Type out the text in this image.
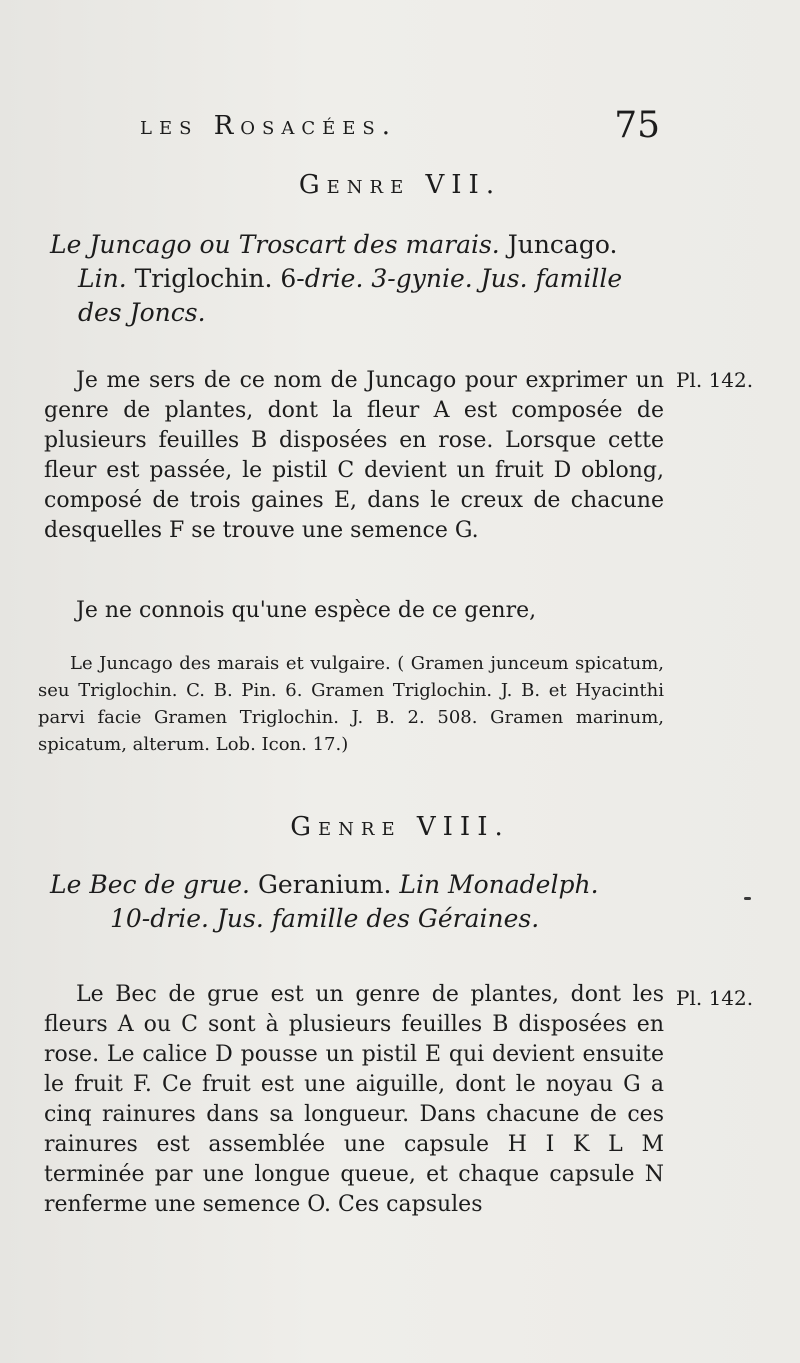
les Rosacées.	75
Genre VII.
Le Juncago ou Troscart des marais. Juncago.
Lin. Triglochin. 6-drie. 3-gynie. Jus. famille
des Joncs.
Pl. 142.
Je me sers de ce nom de Juncago pour exprimer un genre de plantes, dont la fleur A est composée de plusieurs feuilles B disposées en rose. Lorsque cette fleur est passée, le pistil C devient un fruit D oblong, composé de trois gaines E, dans le creux de chacune desquelles F se trouve une semence G.
Je ne connois qu'une espèce de ce genre,
Le Juncago des marais et vulgaire. ( Gramen junceum spicatum, seu Triglochin. C. B. Pin. 6. Gramen Triglochin. J. B. et Hyacinthi parvi facie Gramen Triglochin. J. B. 2. 508. Gramen marinum, spicatum, alterum. Lob. Icon. 17.)
Genre VIII.
Le Bec de grue. Geranium. Lin Monadelph.
10-drie. Jus. famille des Géraines.
Pl. 142.
Le Bec de grue est un genre de plantes, dont les fleurs A ou C sont à plusieurs feuilles B disposées en rose. Le calice D pousse un pistil E qui devient ensuite le fruit F. Ce fruit est une aiguille, dont le noyau G a cinq rainures dans sa longueur. Dans chacune de ces rainures est assemblée une capsule H I K L M terminée par une longue queue, et chaque capsule N renferme une semence O. Ces capsules
